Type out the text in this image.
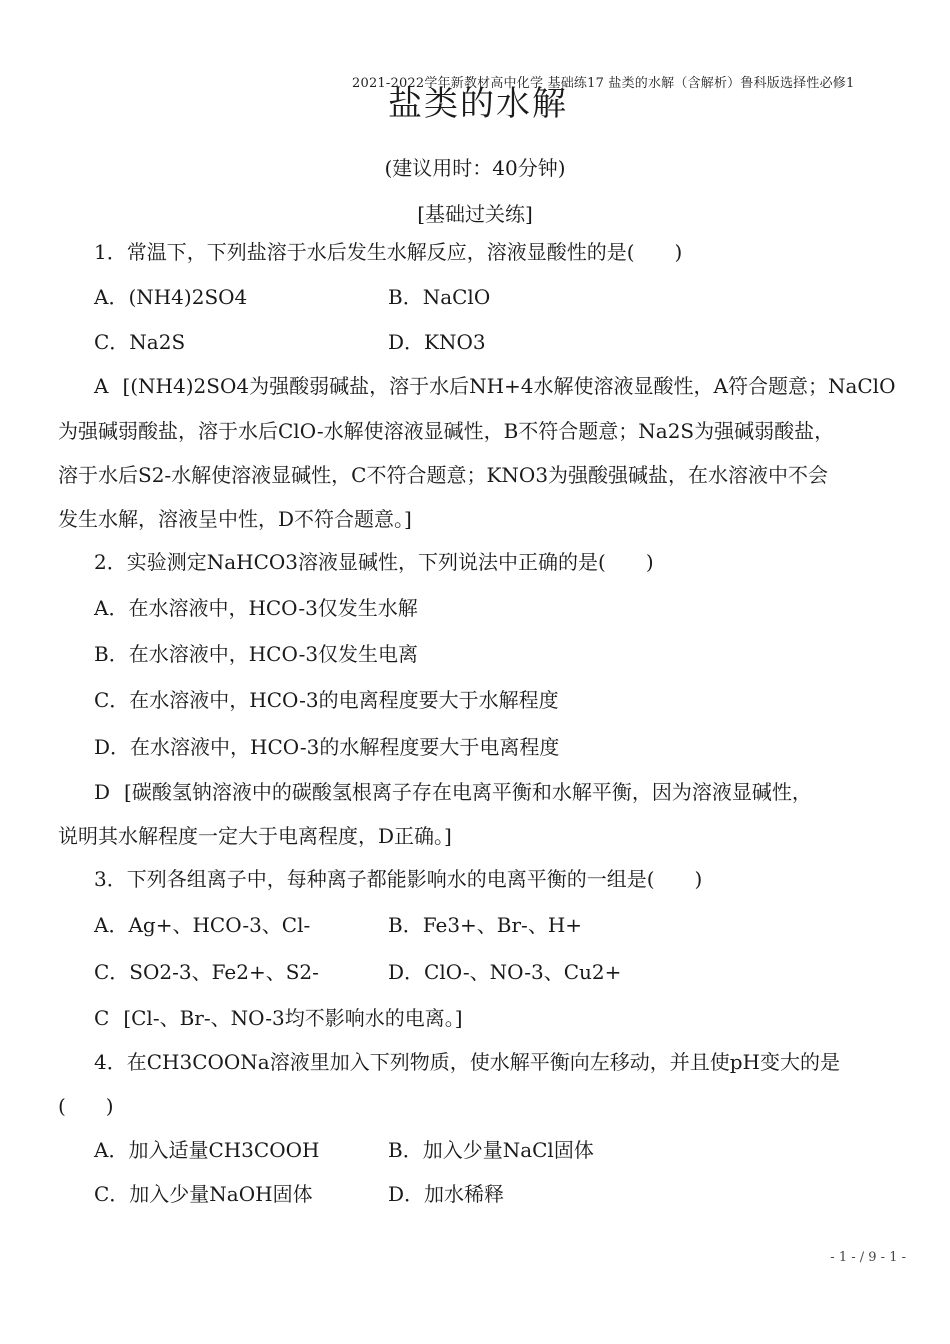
2021-2022学年新教材高中化学 基础练17 盐类的水解（含解析）鲁科版选择性必修1
盐类的水解
(建议用时：40分钟)
[基础过关练]
1．常温下，下列盐溶于水后发生水解反应，溶液显酸性的是(　　)
A．(NH4)2SO4	B．NaClO
C．Na2S	D．KNO3
A [(NH4)2SO4为强酸弱碱盐，溶于水后NH+4水解使溶液显酸性，A符合题意；NaClO
为强碱弱酸盐，溶于水后ClO-水解使溶液显碱性，B不符合题意；Na2S为强碱弱酸盐，
溶于水后S2-水解使溶液显碱性，C不符合题意；KNO3为强酸强碱盐，在水溶液中不会
发生水解，溶液呈中性，D不符合题意。]
2．实验测定NaHCO3溶液显碱性，下列说法中正确的是(　　)
A．在水溶液中，HCO-3仅发生水解
B．在水溶液中，HCO-3仅发生电离
C．在水溶液中，HCO-3的电离程度要大于水解程度
D．在水溶液中，HCO-3的水解程度要大于电离程度
D [碳酸氢钠溶液中的碳酸氢根离子存在电离平衡和水解平衡，因为溶液显碱性，
说明其水解程度一定大于电离程度，D正确。]
3．下列各组离子中，每种离子都能影响水的电离平衡的一组是(　　)
A．Ag+、HCO-3、Cl-	B．Fe3+、Br-、H+
C．SO2-3、Fe2+、S2-	D．ClO-、NO-3、Cu2+
C [Cl-、Br-、NO-3均不影响水的电离。]
4．在CH3COONa溶液里加入下列物质，使水解平衡向左移动，并且使pH变大的是
(　　)
A．加入适量CH3COOH	B．加入少量NaCl固体
C．加入少量NaOH固体	D．加水稀释
- 1 - / 9 - 1 -
